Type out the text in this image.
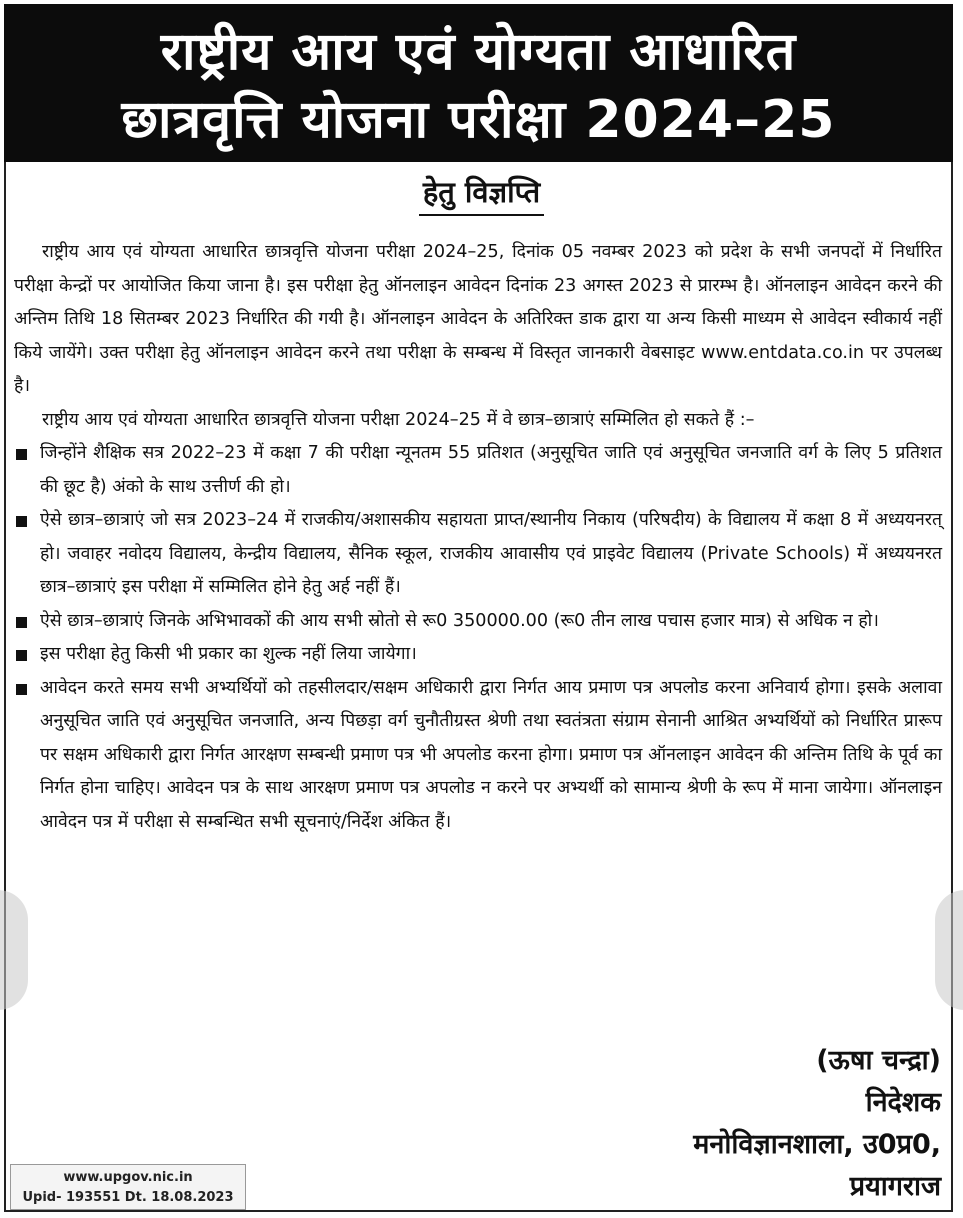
राष्ट्रीय आय एवं योग्यता आधारित
छात्रवृत्ति योजना परीक्षा 2024–25
हेतु विज्ञप्ति

राष्ट्रीय आय एवं योग्यता आधारित छात्रवृत्ति योजना परीक्षा 2024–25, दिनांक 05 नवम्बर 2023 को प्रदेश के सभी जनपदों में निर्धारित परीक्षा केन्द्रों पर आयोजित किया जाना है। इस परीक्षा हेतु ऑनलाइन आवेदन दिनांक 23 अगस्त 2023 से प्रारम्भ है। ऑनलाइन आवेदन करने की अन्तिम तिथि 18 सितम्बर 2023 निर्धारित की गयी है। ऑनलाइन आवेदन के अतिरिक्त डाक द्वारा या अन्य किसी माध्यम से आवेदन स्वीकार्य नहीं किये जायेंगे। उक्त परीक्षा हेतु ऑनलाइन आवेदन करने तथा परीक्षा के सम्बन्ध में विस्तृत जानकारी वेबसाइट www.entdata.co.in पर उपलब्ध है।

राष्ट्रीय आय एवं योग्यता आधारित छात्रवृत्ति योजना परीक्षा 2024–25 में वे छात्र–छात्राएं सम्मिलित हो सकते हैं :–

जिन्होंने शैक्षिक सत्र 2022–23 में कक्षा 7 की परीक्षा न्यूनतम 55 प्रतिशत (अनुसूचित जाति एवं अनुसूचित जनजाति वर्ग के लिए 5 प्रतिशत की छूट है) अंको के साथ उत्तीर्ण की हो।
ऐसे छात्र–छात्राएं जो सत्र 2023–24 में राजकीय/अशासकीय सहायता प्राप्त/स्थानीय निकाय (परिषदीय) के विद्यालय में कक्षा 8 में अध्ययनरत् हो। जवाहर नवोदय विद्यालय, केन्द्रीय विद्यालय, सैनिक स्कूल, राजकीय आवासीय एवं प्राइवेट विद्यालय (Private Schools) में अध्ययनरत छात्र–छात्राएं इस परीक्षा में सम्मिलित होने हेतु अर्ह नहीं हैं।
ऐसे छात्र–छात्राएं जिनके अभिभावकों की आय सभी स्रोतो से रू0 350000.00 (रू0 तीन लाख पचास हजार मात्र) से अधिक न हो।
इस परीक्षा हेतु किसी भी प्रकार का शुल्क नहीं लिया जायेगा।
आवेदन करते समय सभी अभ्यर्थियों को तहसीलदार/सक्षम अधिकारी द्वारा निर्गत आय प्रमाण पत्र अपलोड करना अनिवार्य होगा। इसके अलावा अनुसूचित जाति एवं अनुसूचित जनजाति, अन्य पिछड़ा वर्ग चुनौतीग्रस्त श्रेणी तथा स्वतंत्रता संग्राम सेनानी आश्रित अभ्यर्थियों को निर्धारित प्रारूप पर सक्षम अधिकारी द्वारा निर्गत आरक्षण सम्बन्धी प्रमाण पत्र भी अपलोड करना होगा। प्रमाण पत्र ऑनलाइन आवेदन की अन्तिम तिथि के पूर्व का निर्गत होना चाहिए। आवेदन पत्र के साथ आरक्षण प्रमाण पत्र अपलोड न करने पर अभ्यर्थी को सामान्य श्रेणी के रूप में माना जायेगा। ऑनलाइन आवेदन पत्र में परीक्षा से सम्बन्धित सभी सूचनाएं/निर्देश अंकित हैं।
(ऊषा चन्द्रा)
निदेशक
मनोविज्ञानशाला, उ0प्र0,
प्रयागराज
www.upgov.nic.in
Upid- 193551 Dt. 18.08.2023
